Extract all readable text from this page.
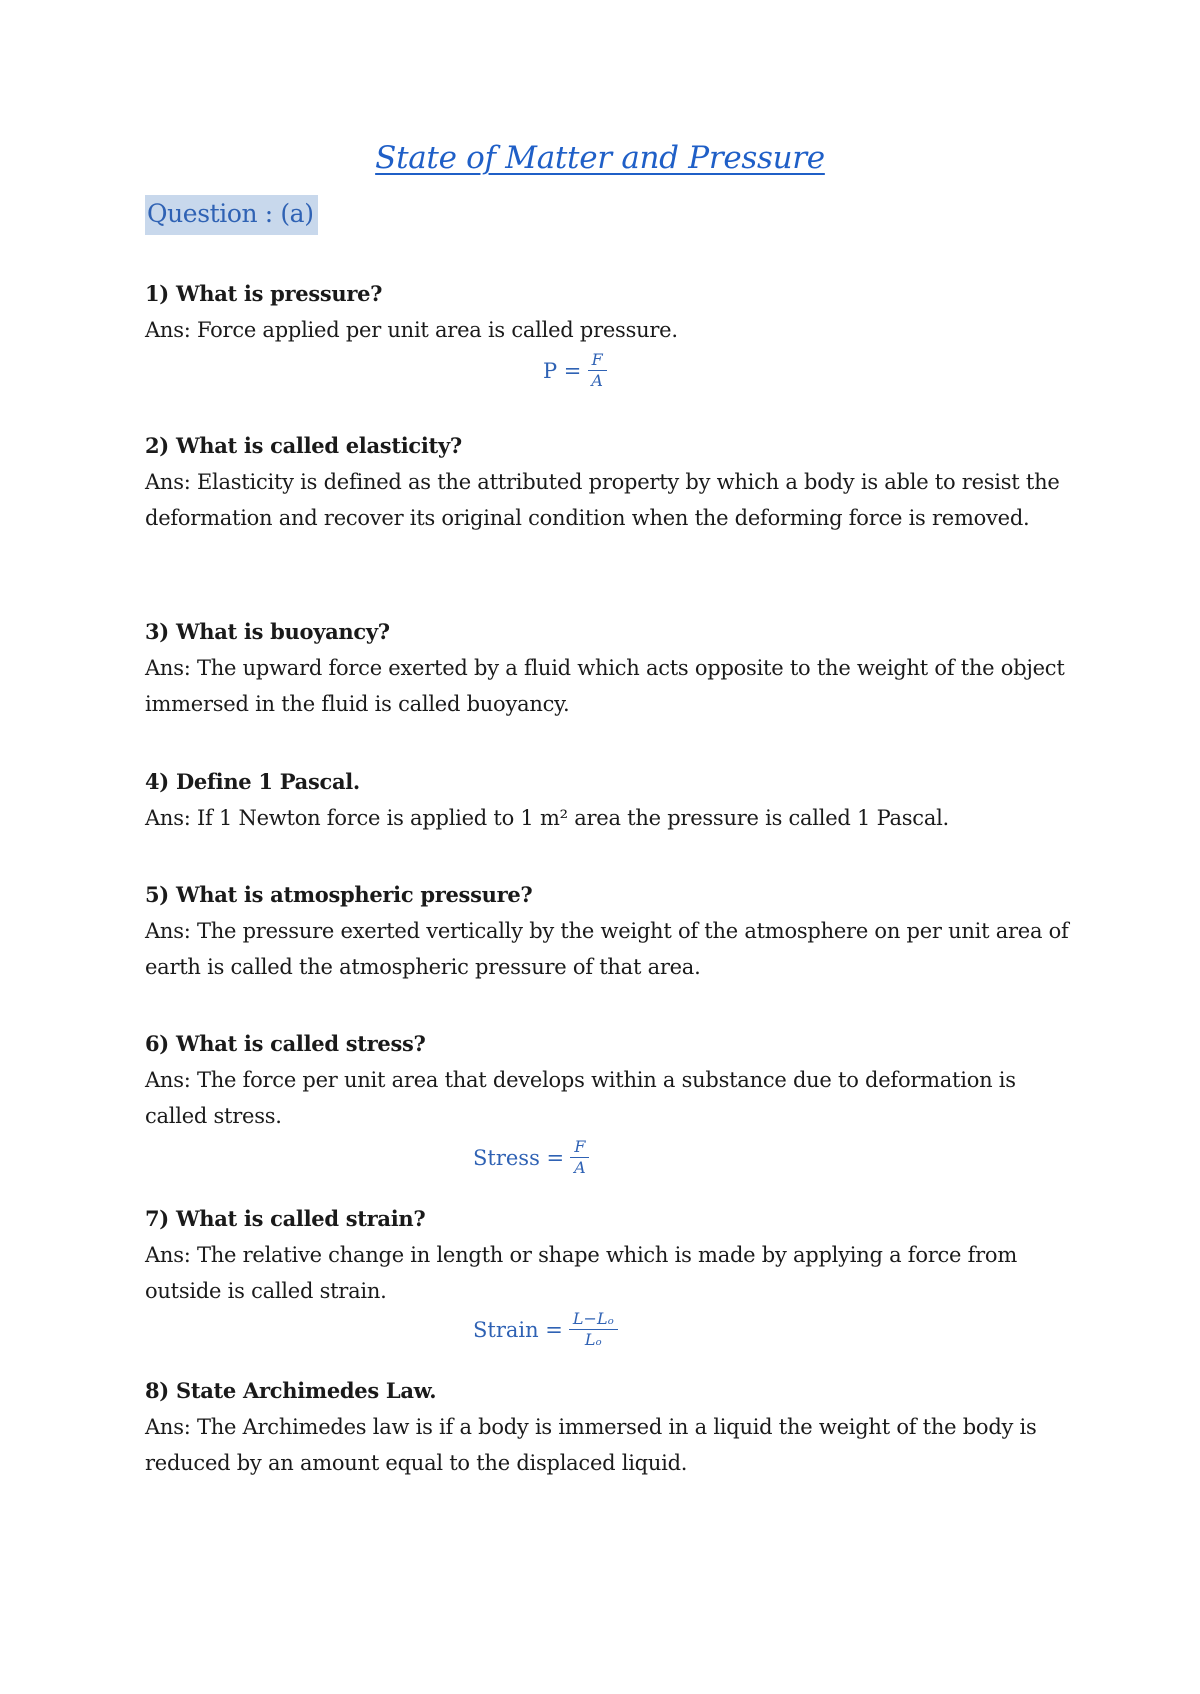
State of Matter and Pressure
Question : (a)

1) What is pressure?

Ans: Force applied per unit area is called pressure.

$P = \frac{F}{A}$

2) What is called elasticity?

Ans: Elasticity is defined as the attributed property by which a body is able to resist the deformation and recover its original condition when the deforming force is removed.

3) What is buoyancy?

Ans: The upward force exerted by a fluid which acts opposite to the weight of the object immersed in the fluid is called buoyancy.

4) Define 1 Pascal.

Ans: If 1 Newton force is applied to 1 m² area the pressure is called 1 Pascal.

5) What is atmospheric pressure?

Ans: The pressure exerted vertically by the weight of the atmosphere on per unit area of earth is called the atmospheric pressure of that area.

6) What is called stress?

Ans: The force per unit area that develops within a substance due to deformation is called stress.

Stress = $\frac{F}{A}$

7) What is called strain?

Ans: The relative change in length or shape which is made by applying a force from outside is called strain.

Strain = $\frac{\text{L−Lₒ}}{\text{Lₒ}}$

8) State Archimedes Law.

Ans: The Archimedes law is if a body is immersed in a liquid the weight of the body is reduced by an amount equal to the displaced liquid.
